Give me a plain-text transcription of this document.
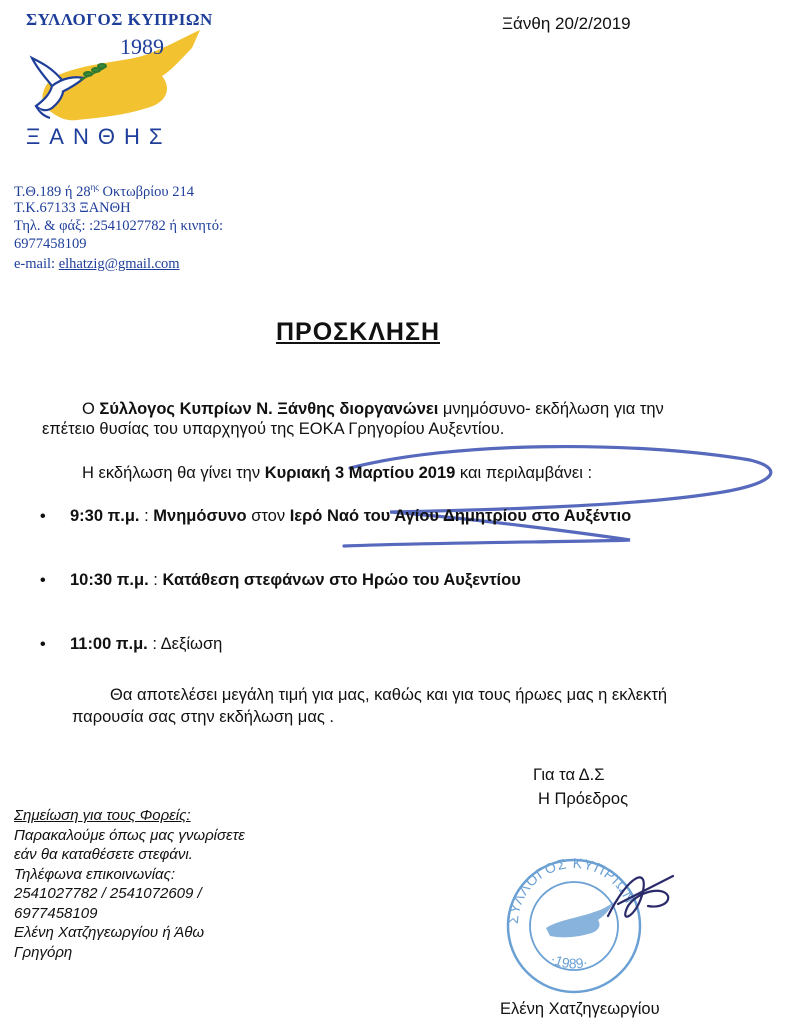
ΣΥΛΛΟΓΟΣ ΚΥΠΡΙΩΝ
1989
ΞΑΝΘΗΣ
Ξάνθη 20/2/2019
Τ.Θ.189 ή $28^{\eta\varsigma}$ Οκτωβρίου 214
Τ.Κ.67133 ΞΑΝΘΗ
Τηλ. & φάξ: :2541027782 ή κινητό:
6977458109
e-mail: elhatzig@gmail.com
ΠΡΟΣΚΛΗΣΗ
Ο Σύλλογος Κυπρίων Ν. Ξάνθης διοργανώνει μνημόσυνο- εκδήλωση για την
επέτειο θυσίας του υπαρχηγού της ΕΟΚΑ Γρηγορίου Αυξεντίου.
Η εκδήλωση θα γίνει την Κυριακή 3 Μαρτίου 2019 και περιλαμβάνει :
• 9:30 π.μ. : Μνημόσυνο στον Ιερό Ναό του Αγίου Δημητρίου στο Αυξέντιο
• 10:30 π.μ. : Κατάθεση στεφάνων στο Ηρώο του Αυξεντίου
• 11:00 π.μ. : Δεξίωση
Θα αποτελέσει μεγάλη τιμή για μας, καθώς και για τους ήρωες μας η εκλεκτή
παρουσία σας στην εκδήλωση μας .
Για τα Δ.Σ
Η Πρόεδρος
ΣΥΛΛΟΓΟΣ ΚΥΠΡΙΩΝ
·1989·
Ελένη Χατζηγεωργίου
Σημείωση για τους Φορείς:
Παρακαλούμε όπως μας γνωρίσετε
εάν θα καταθέσετε στεφάνι.
Τηλέφωνα επικοινωνίας:
2541027782 / 2541072609 /
6977458109
Ελένη Χατζηγεωργίου ή Άθω
Γρηγόρη
